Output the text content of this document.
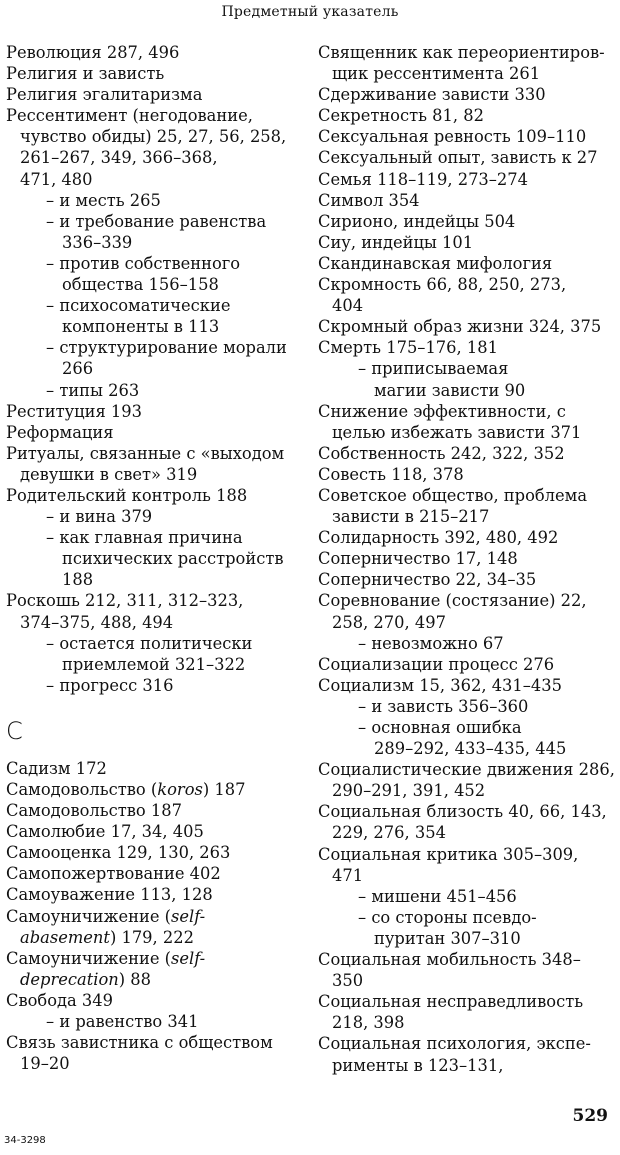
Предметный указатель
Революция 287, 496
Религия и зависть
Религия эгалитаризма
Рессентимент (негодование,
чувство обиды) 25, 27, 56, 258,
261–267, 349, 366–368,
471, 480
– и месть 265
– и требование равенства
336–339
– против собственного
общества 156–158
– психосоматические
компоненты в 113
– структурирование морали
266
– типы 263
Реституция 193
Реформация
Ритуалы, связанные с «выходом
девушки в свет» 319
Родительский контроль 188
– и вина 379
– как главная причина
психических расстройств
188
Роскошь 212, 311, 312–323,
374–375, 488, 494
– остается политически
приемлемой 321–322
– прогресс 316
С
Садизм 172
Самодовольство (koros) 187
Самодовольство 187
Самолюбие 17, 34, 405
Самооценка 129, 130, 263
Самопожертвование 402
Самоуважение 113, 128
Самоуничижение (self-
abasement) 179, 222
Самоуничижение (self-
deprecation) 88
Свобода 349
– и равенство 341
Связь завистника с обществом
19–20
Священник как переориентиров-
щик рессентимента 261
Сдерживание зависти 330
Секретность 81, 82
Сексуальная ревность 109–110
Сексуальный опыт, зависть к 27
Семья 118–119, 273–274
Символ 354
Сирионо, индейцы 504
Сиу, индейцы 101
Скандинавская мифология
Скромность 66, 88, 250, 273,
404
Скромный образ жизни 324, 375
Смерть 175–176, 181
– приписываемая
магии зависти 90
Снижение эффективности, с
целью избежать зависти 371
Собственность 242, 322, 352
Совесть 118, 378
Советское общество, проблема
зависти в 215–217
Солидарность 392, 480, 492
Соперничество 17, 148
Соперничество 22, 34–35
Соревнование (состязание) 22,
258, 270, 497
– невозможно 67
Социализации процесс 276
Социализм 15, 362, 431–435
– и зависть 356–360
– основная ошибка
289–292, 433–435, 445
Социалистические движения 286,
290–291, 391, 452
Социальная близость 40, 66, 143,
229, 276, 354
Социальная критика 305–309,
471
– мишени 451–456
– со стороны псевдо-
пуритан 307–310
Социальная мобильность 348–
350
Социальная несправедливость
218, 398
Социальная психология, экспе-
рименты в 123–131,
529
34-3298
